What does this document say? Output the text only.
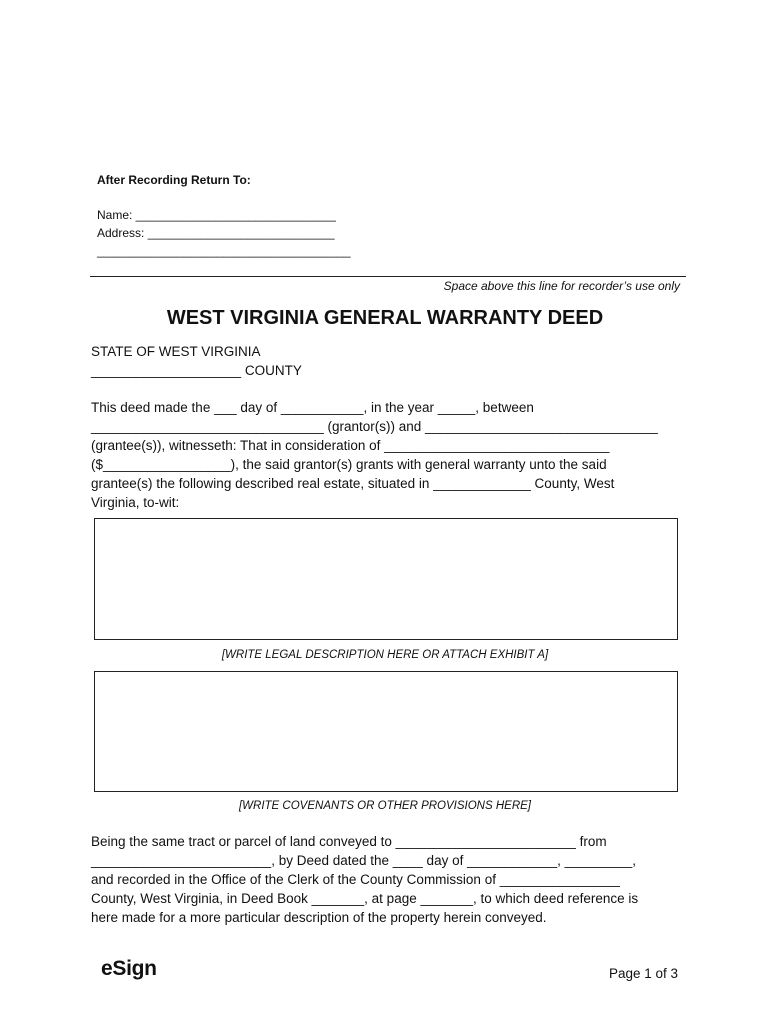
After Recording Return To:
Name: ______________________________
Address: ____________________________
______________________________________
Space above this line for recorder’s use only
WEST VIRGINIA GENERAL WARRANTY DEED
STATE OF WEST VIRGINIA
____________________ COUNTY
This deed made the ___ day of ___________, in the year _____, between
_______________________________ (grantor(s)) and _______________________________
(grantee(s)), witnesseth: That in consideration of ______________________________
($_________________), the said grantor(s) grants with general warranty unto the said
grantee(s) the following described real estate, situated in _____________ County, West
Virginia, to-wit:
[WRITE LEGAL DESCRIPTION HERE OR ATTACH EXHIBIT A]
[WRITE COVENANTS OR OTHER PROVISIONS HERE]
Being the same tract or parcel of land conveyed to ________________________ from
________________________, by Deed dated the ____ day of ____________, _________,
and recorded in the Office of the Clerk of the County Commission of ________________
County, West Virginia, in Deed Book _______, at page _______, to which deed reference is
here made for a more particular description of the property herein conveyed.
eSign	Page 1 of 3
